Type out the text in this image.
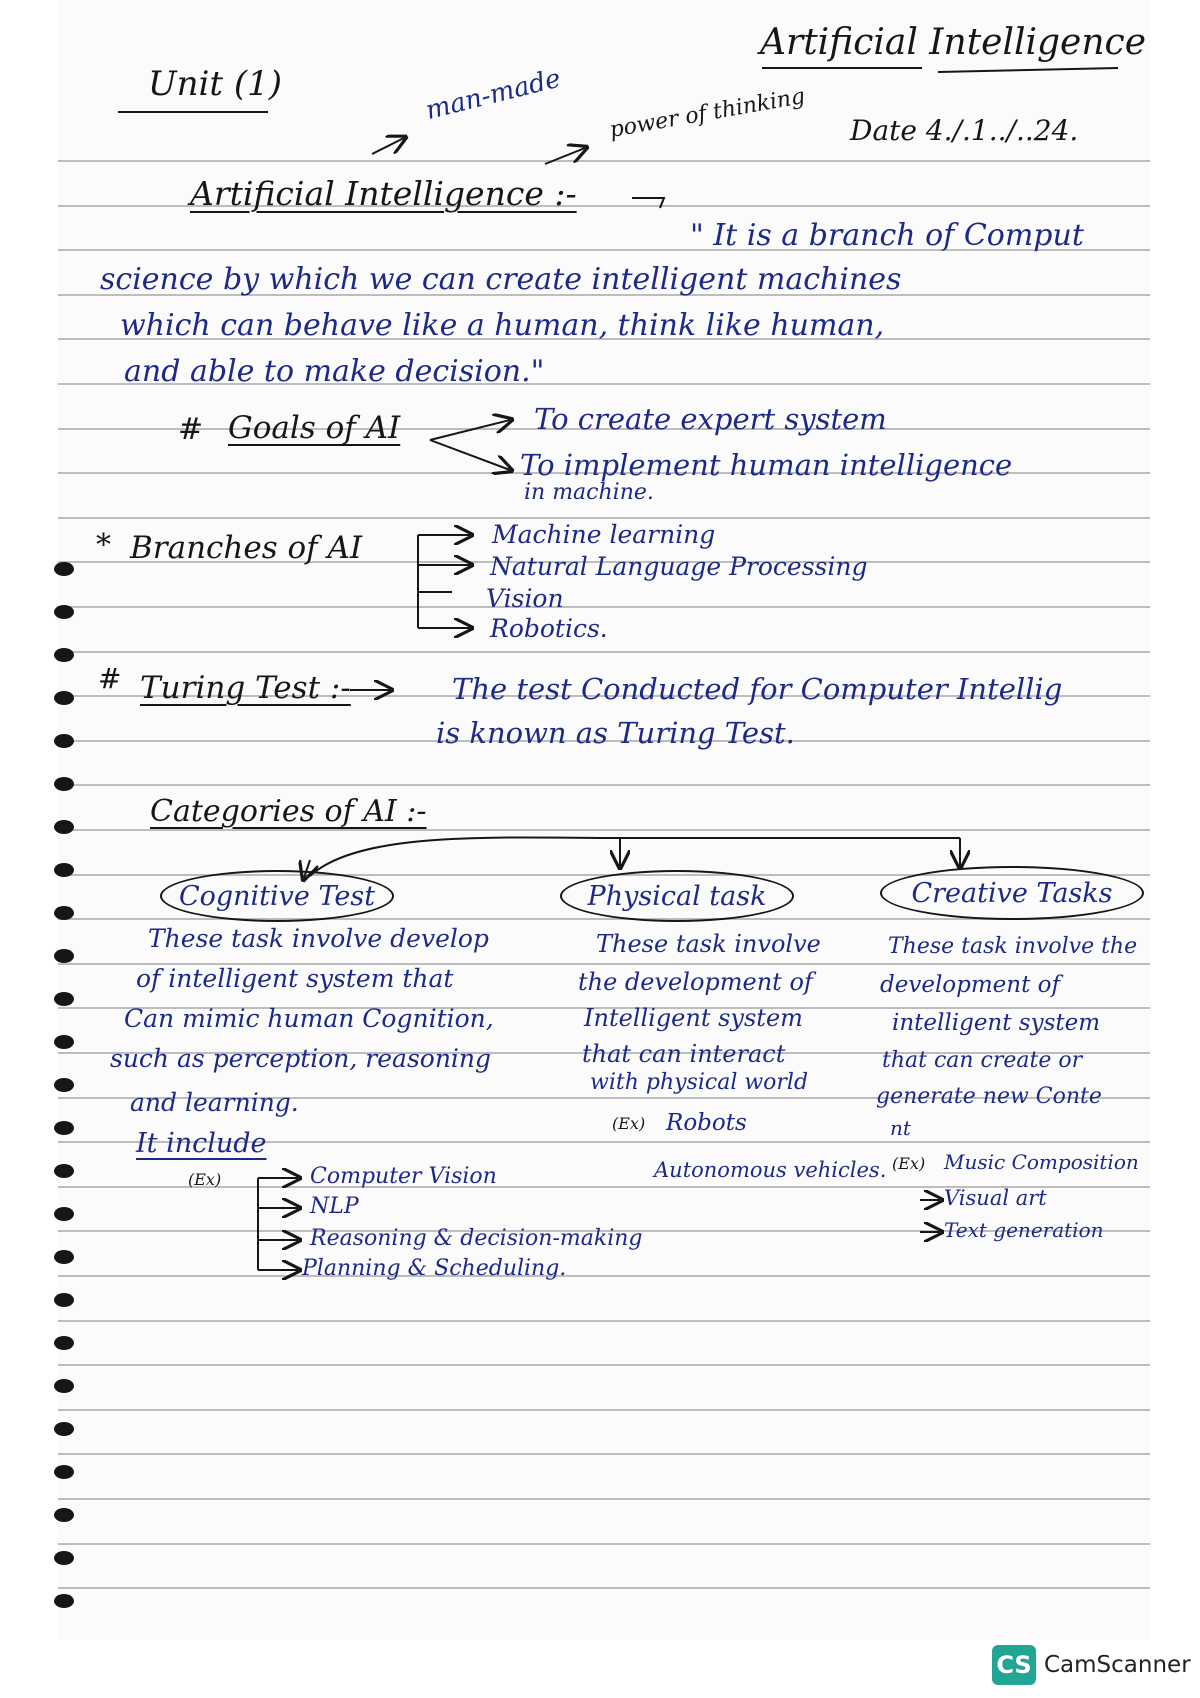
Artificial Intelligence
Unit (1)
Date 4./.1../..24.
man-made power of thinking
Artificial Intelligence :-
" It is a branch of Comput
science by which we can create intelligent machines
which can behave like a human, think like human,
and able to make decision."
# Goals of AI	To create expert system
To implement human intelligence
in machine.
* Branches of AI	Machine learning
Natural Language Processing
Vision
Robotics.
# Turing Test :-	The test Conducted for Computer Intellig
is known as Turing Test.
Categories of AI :-
Cognitive Test	Physical task	Creative Tasks
These task involve develop
of intelligent system that
Can mimic human Cognition,
such as perception, reasoning
and learning.
It include
(Ex)	Computer Vision
NLP
Reasoning & decision-making
Planning & Scheduling.
These task involve
the development of
Intelligent system
that can interact
with physical world
(Ex) Robots
Autonomous vehicles.
These task involve the
development of
intelligent system
that can create or
generate new Conte
nt
(Ex) Music Composition
Visual art
Text generation
CS CamScanner
